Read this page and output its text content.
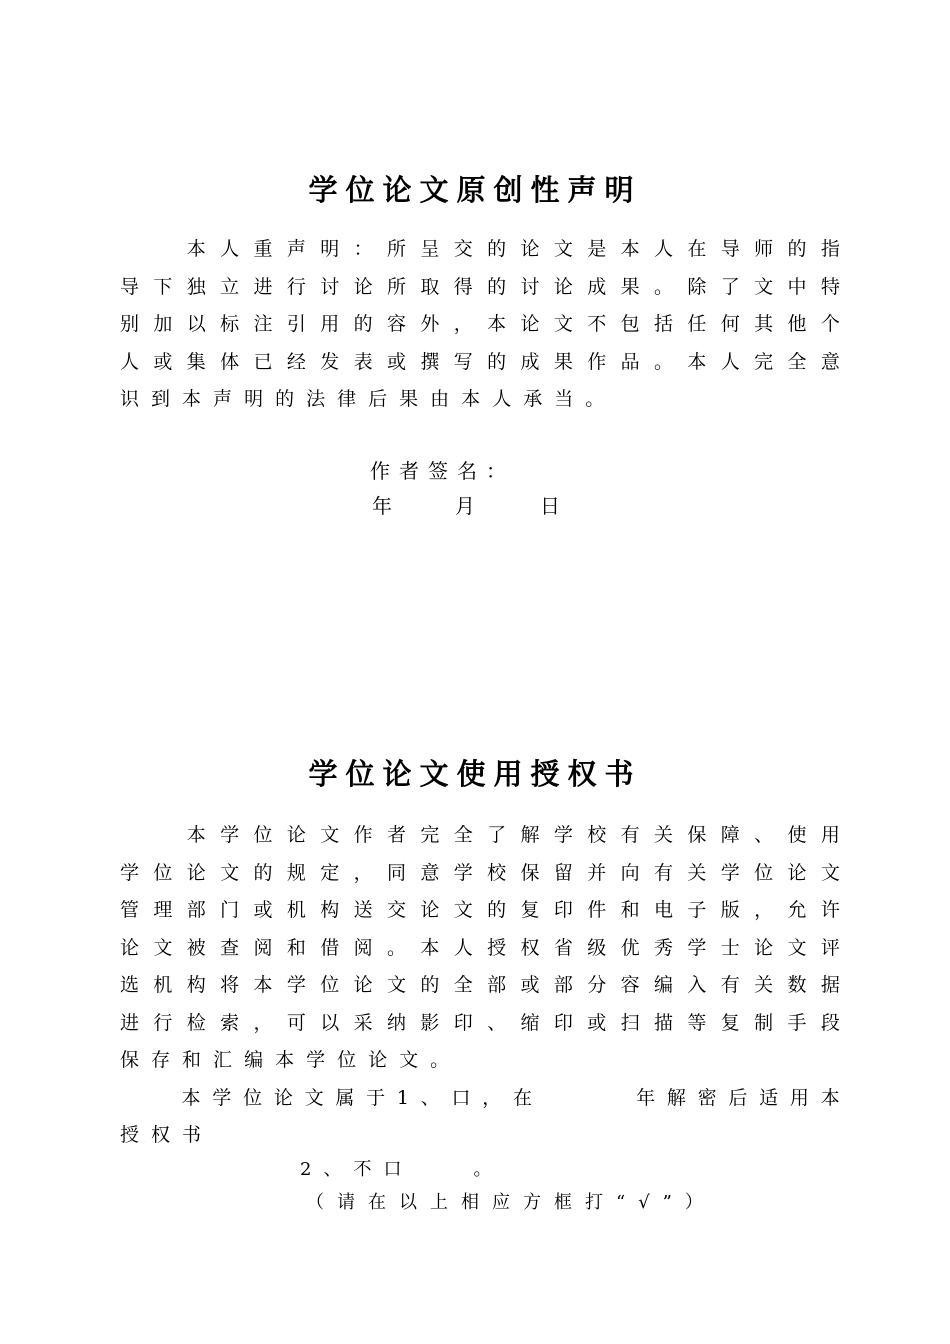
学位论文原创性声明

本 人 重 声 明 ： 所 呈 交 的 论 文 是 本 人 在 导 师 的 指
导 下 独 立 进 行 讨 论 所 取 得 的 讨 论 成 果 。 除 了 文 中 特
别 加 以 标 注 引 用 的 容 外 ， 本 论 文 不 包 括 任 何 其 他 个
人 或 集 体 已 经 发 表 或 撰 写 的 成 果 作 品 。 本 人 完 全 意
识 到 本 声 明 的 法 律 后 果 由 本 人 承 当 。
作者签名：
年	月	日
学位论文使用授权书

本 学 位 论 文 作 者 完 全 了 解 学 校 有 关 保 障 、 使 用
学 位 论 文 的 规 定 ， 同 意 学 校 保 留 并 向 有 关 学 位 论 文
管 理 部 门 或 机 构 送 交 论 文 的 复 印 件 和 电 子 版 ， 允 许
论 文 被 查 阅 和 借 阅 。 本 人 授 权 省 级 优 秀 学 士 论 文 评
选 机 构 将 本 学 位 论 文 的 全 部 或 部 分 容 编 入 有 关 数 据
进 行 检 索 ， 可 以 采 纳 影 印 、 缩 印 或 扫 描 等 复 制 手 段
保 存 和 汇 编 本 学 位 论 文 。

本 学 位 论 文 属 于 1 、 口 ， 在

　	年 解 密 后 适 用 本
授 权 书
2、不口　　。
（请在以上相应方框打“√”）
